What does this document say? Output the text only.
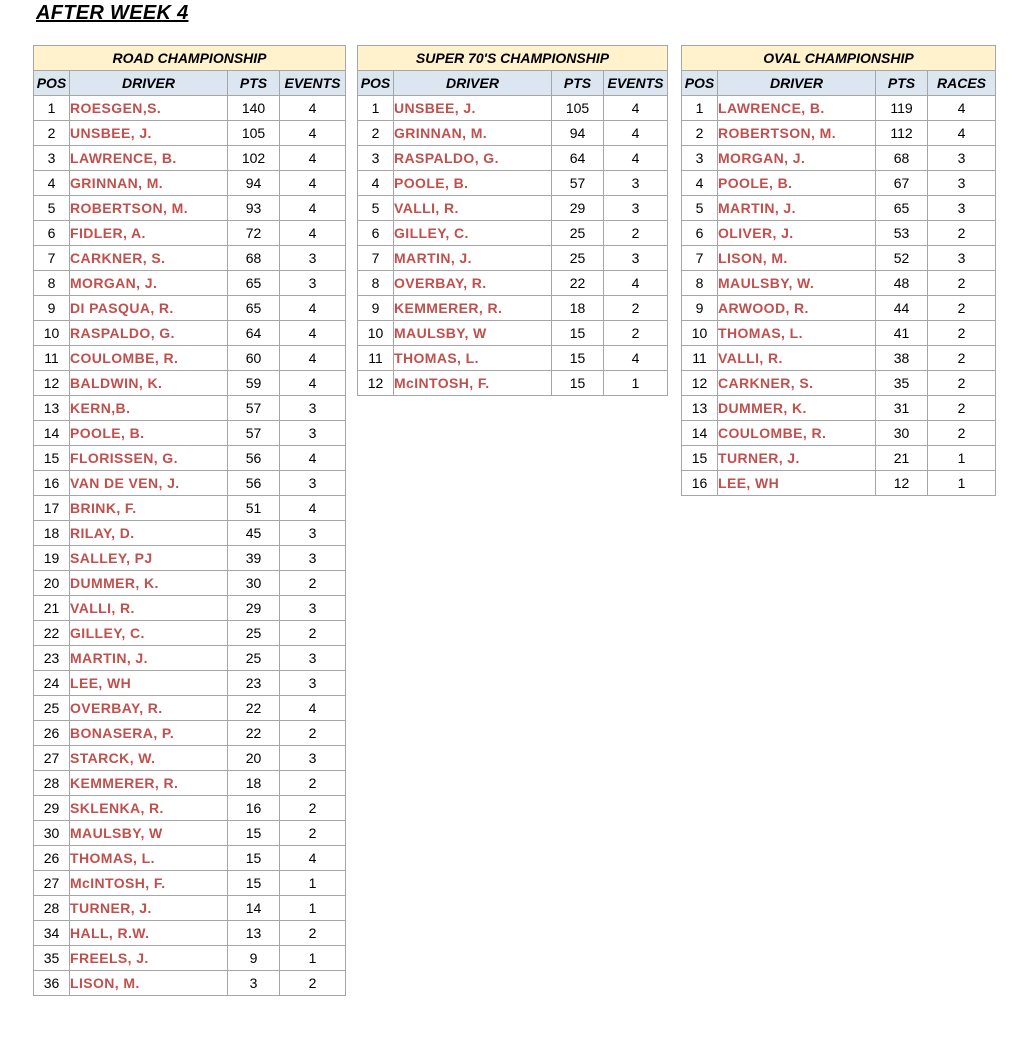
AFTER WEEK 4
ROAD CHAMPIONSHIP			
POS	DRIVER	PTS	EVENTS
1	ROESGEN,S.	140	4
2	UNSBEE, J.	105	4
3	LAWRENCE, B.	102	4
4	GRINNAN, M.	94	4
5	ROBERTSON, M.	93	4
6	FIDLER, A.	72	4
7	CARKNER, S.	68	3
8	MORGAN, J.	65	3
9	DI PASQUA, R.	65	4
10	RASPALDO, G.	64	4
11	COULOMBE, R.	60	4
12	BALDWIN, K.	59	4
13	KERN,B.	57	3
14	POOLE, B.	57	3
15	FLORISSEN, G.	56	4
16	VAN DE VEN, J.	56	3
17	BRINK, F.	51	4
18	RILAY, D.	45	3
19	SALLEY, PJ	39	3
20	DUMMER, K.	30	2
21	VALLI, R.	29	3
22	GILLEY, C.	25	2
23	MARTIN, J.	25	3
24	LEE, WH	23	3
25	OVERBAY, R.	22	4
26	BONASERA, P.	22	2
27	STARCK, W.	20	3
28	KEMMERER, R.	18	2
29	SKLENKA, R.	16	2
30	MAULSBY, W	15	2
26	THOMAS, L.	15	4
27	McINTOSH, F.	15	1
28	TURNER, J.	14	1
34	HALL, R.W.	13	2
35	FREELS, J.	9	1
36	LISON, M.	3	2
SUPER 70'S CHAMPIONSHIP			
POS	DRIVER	PTS	EVENTS
1	UNSBEE, J.	105	4
2	GRINNAN, M.	94	4
3	RASPALDO, G.	64	4
4	POOLE, B.	57	3
5	VALLI, R.	29	3
6	GILLEY, C.	25	2
7	MARTIN, J.	25	3
8	OVERBAY, R.	22	4
9	KEMMERER, R.	18	2
10	MAULSBY, W	15	2
11	THOMAS, L.	15	4
12	McINTOSH, F.	15	1
OVAL CHAMPIONSHIP			
POS	DRIVER	PTS	RACES
1	LAWRENCE, B.	119	4
2	ROBERTSON, M.	112	4
3	MORGAN, J.	68	3
4	POOLE, B.	67	3
5	MARTIN, J.	65	3
6	OLIVER, J.	53	2
7	LISON, M.	52	3
8	MAULSBY, W.	48	2
9	ARWOOD, R.	44	2
10	THOMAS, L.	41	2
11	VALLI, R.	38	2
12	CARKNER, S.	35	2
13	DUMMER, K.	31	2
14	COULOMBE, R.	30	2
15	TURNER, J.	21	1
16	LEE, WH	12	1
